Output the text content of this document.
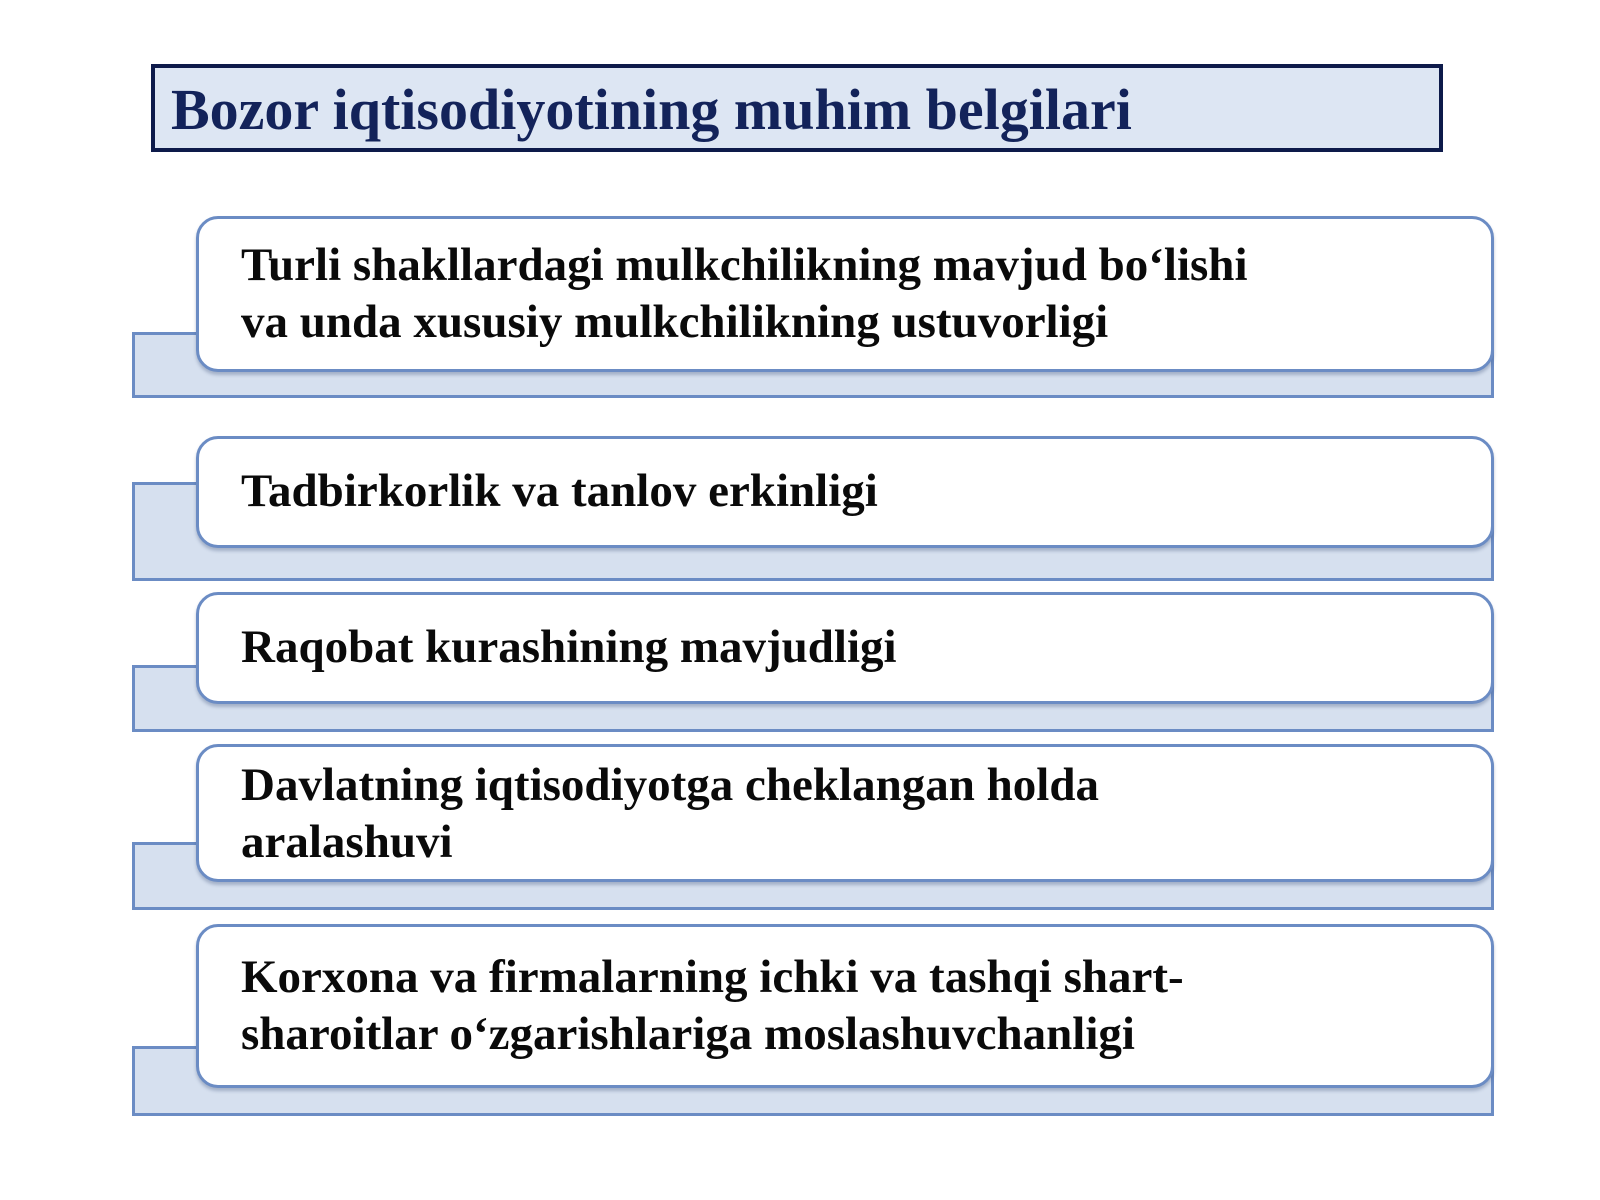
Bozor iqtisodiyotining muhim belgilari
Turli shakllardagi mulkchilikning mavjud bo‘lishi
va unda xususiy mulkchilikning ustuvorligi
Tadbirkorlik va tanlov erkinligi
Raqobat kurashining mavjudligi
Davlatning iqtisodiyotga cheklangan holda
aralashuvi
Korxona va firmalarning ichki va tashqi shart-
sharoitlar o‘zgarishlariga moslashuvchanligi
